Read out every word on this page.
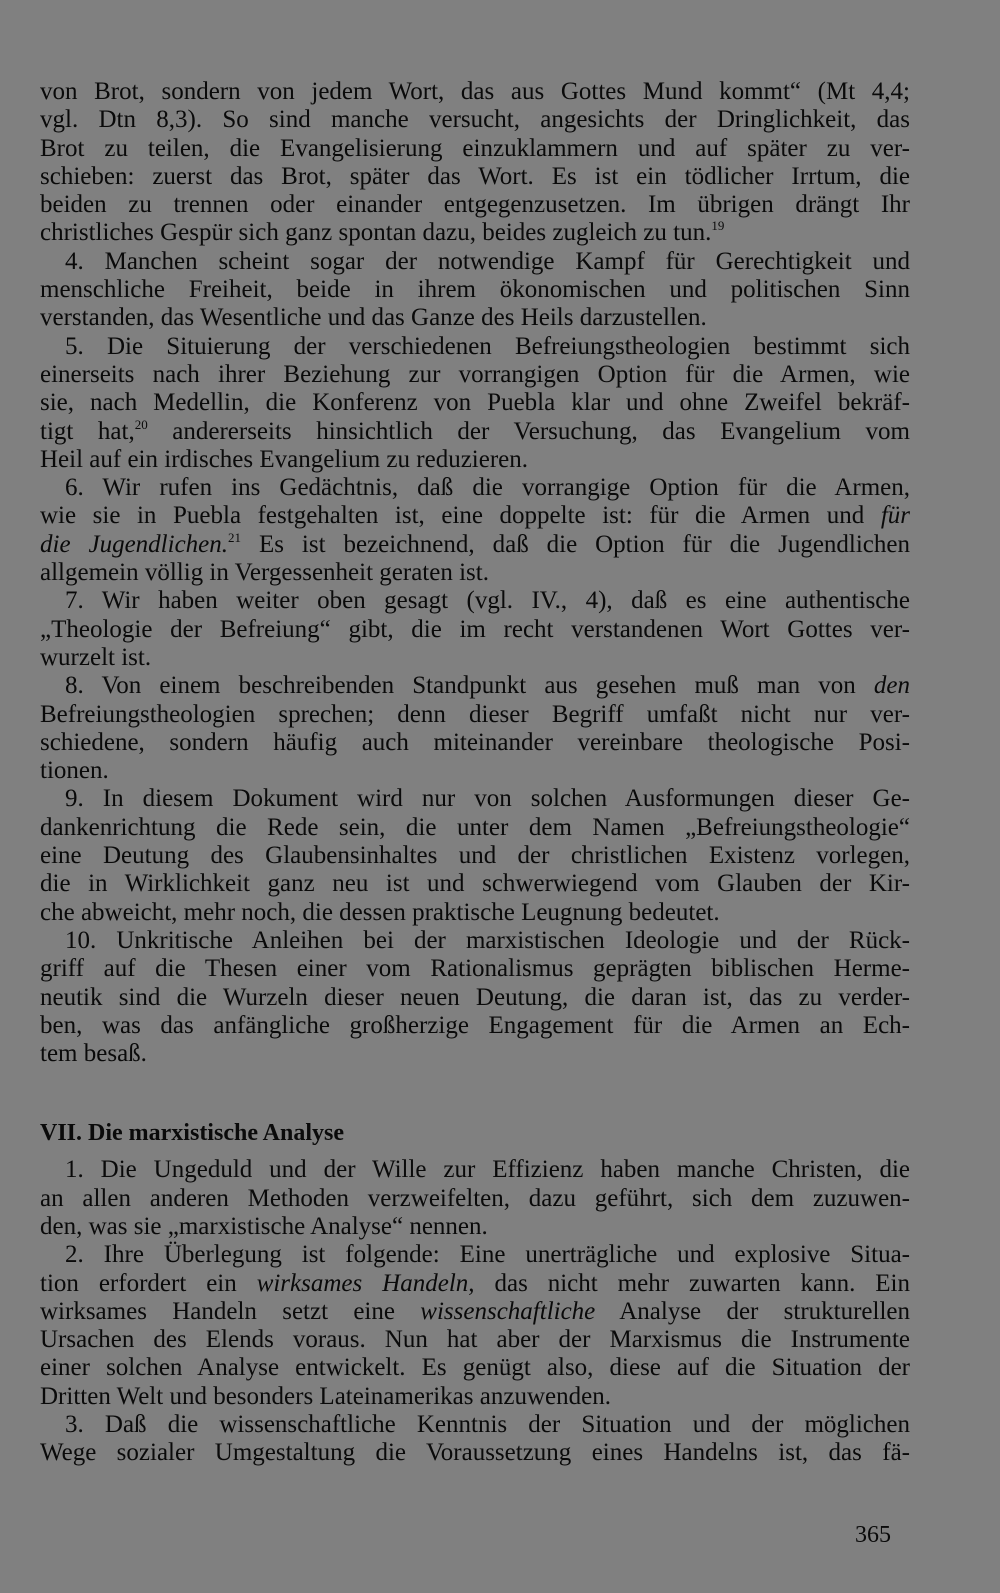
von Brot, sondern von jedem Wort, das aus Gottes Mund kommt“ (Mt 4,4;
vgl. Dtn 8,3). So sind manche versucht, angesichts der Dringlichkeit, das
Brot zu teilen, die Evangelisierung einzuklammern und auf später zu ver-
schieben: zuerst das Brot, später das Wort. Es ist ein tödlicher Irrtum, die
beiden zu trennen oder einander entgegenzusetzen. Im übrigen drängt Ihr
christliches Gespür sich ganz spontan dazu, beides zugleich zu tun.$^{19}$
4. Manchen scheint sogar der notwendige Kampf für Gerechtigkeit und
menschliche Freiheit, beide in ihrem ökonomischen und politischen Sinn
verstanden, das Wesentliche und das Ganze des Heils darzustellen.
5. Die Situierung der verschiedenen Befreiungstheologien bestimmt sich
einerseits nach ihrer Beziehung zur vorrangigen Option für die Armen, wie
sie, nach Medellin, die Konferenz von Puebla klar und ohne Zweifel bekräf-
tigt hat,$^{20}$ andererseits hinsichtlich der Versuchung, das Evangelium vom
Heil auf ein irdisches Evangelium zu reduzieren.
6. Wir rufen ins Gedächtnis, daß die vorrangige Option für die Armen,
wie sie in Puebla festgehalten ist, eine doppelte ist: für die Armen und für
die Jugendlichen.$^{21}$ Es ist bezeichnend, daß die Option für die Jugendlichen
allgemein völlig in Vergessenheit geraten ist.
7. Wir haben weiter oben gesagt (vgl. IV., 4), daß es eine authentische
„Theologie der Befreiung“ gibt, die im recht verstandenen Wort Gottes ver-
wurzelt ist.
8. Von einem beschreibenden Standpunkt aus gesehen muß man von den
Befreiungstheologien sprechen; denn dieser Begriff umfaßt nicht nur ver-
schiedene, sondern häufig auch miteinander vereinbare theologische Posi-
tionen.
9. In diesem Dokument wird nur von solchen Ausformungen dieser Ge-
dankenrichtung die Rede sein, die unter dem Namen „Befreiungstheologie“
eine Deutung des Glaubensinhaltes und der christlichen Existenz vorlegen,
die in Wirklichkeit ganz neu ist und schwerwiegend vom Glauben der Kir-
che abweicht, mehr noch, die dessen praktische Leugnung bedeutet.
10. Unkritische Anleihen bei der marxistischen Ideologie und der Rück-
griff auf die Thesen einer vom Rationalismus geprägten biblischen Herme-
neutik sind die Wurzeln dieser neuen Deutung, die daran ist, das zu verder-
ben, was das anfängliche großherzige Engagement für die Armen an Ech-
tem besaß.
VII. Die marxistische Analyse
1. Die Ungeduld und der Wille zur Effizienz haben manche Christen, die
an allen anderen Methoden verzweifelten, dazu geführt, sich dem zuzuwen-
den, was sie „marxistische Analyse“ nennen.
2. Ihre Überlegung ist folgende: Eine unerträgliche und explosive Situa-
tion erfordert ein wirksames Handeln, das nicht mehr zuwarten kann. Ein
wirksames Handeln setzt eine wissenschaftliche Analyse der strukturellen
Ursachen des Elends voraus. Nun hat aber der Marxismus die Instrumente
einer solchen Analyse entwickelt. Es genügt also, diese auf die Situation der
Dritten Welt und besonders Lateinamerikas anzuwenden.
3. Daß die wissenschaftliche Kenntnis der Situation und der möglichen
Wege sozialer Umgestaltung die Voraussetzung eines Handelns ist, das fä-
365
